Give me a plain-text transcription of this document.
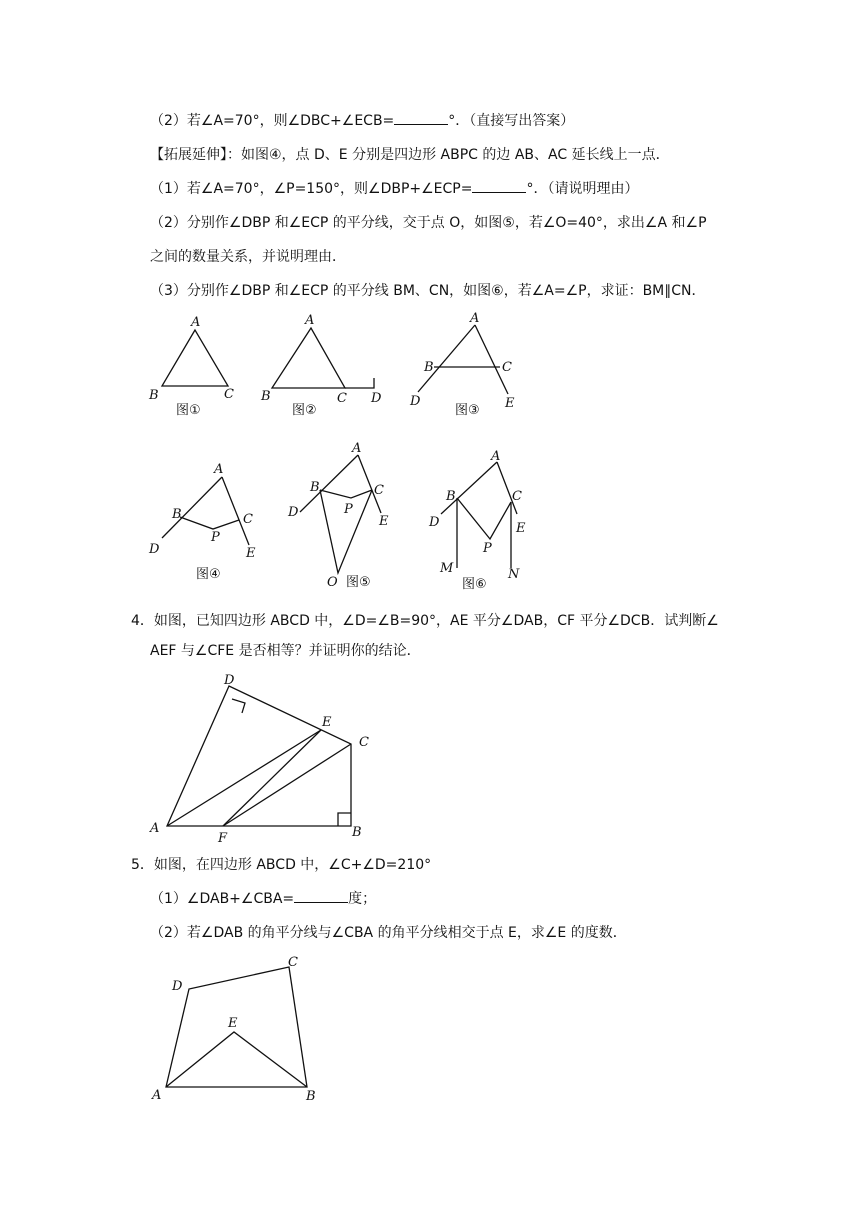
（2）若∠A=70°，则∠DBC+∠ECB=	°．（直接写出答案）
【拓展延伸】：如图④，点 D、E 分别是四边形 ABPC 的边 AB、AC 延长线上一点．
（1）若∠A=70°，∠P=150°，则∠DBP+∠ECP=	°．（请说明理由）
（2）分别作∠DBP 和∠ECP 的平分线，交于点 O，如图⑤，若∠O=40°，求出∠A 和∠P
之间的数量关系，并说明理由．
（3）分别作∠DBP 和∠ECP 的平分线 BM、CN，如图⑥，若∠A=∠P，求证：BM∥CN．
A
B	C
图①
A
B	C D
图②
A
B	C
D	E
图③
A
B	C
P
D	E
图④
A
B	C
P
D
E
O 图⑤
A
B	C
P
D	E
M	N
图⑥
4．如图，已知四边形 ABCD 中，∠D=∠B=90°，AE 平分∠DAB，CF 平分∠DCB．试判断∠
AEF 与∠CFE 是否相等？并证明你的结论．
D
E
C
A
F	B
5．如图，在四边形 ABCD 中，∠C+∠D=210°
（1）∠DAB+∠CBA=	度；
（2）若∠DAB 的角平分线与∠CBA 的角平分线相交于点 E，求∠E 的度数．
D
C
E
A	B
